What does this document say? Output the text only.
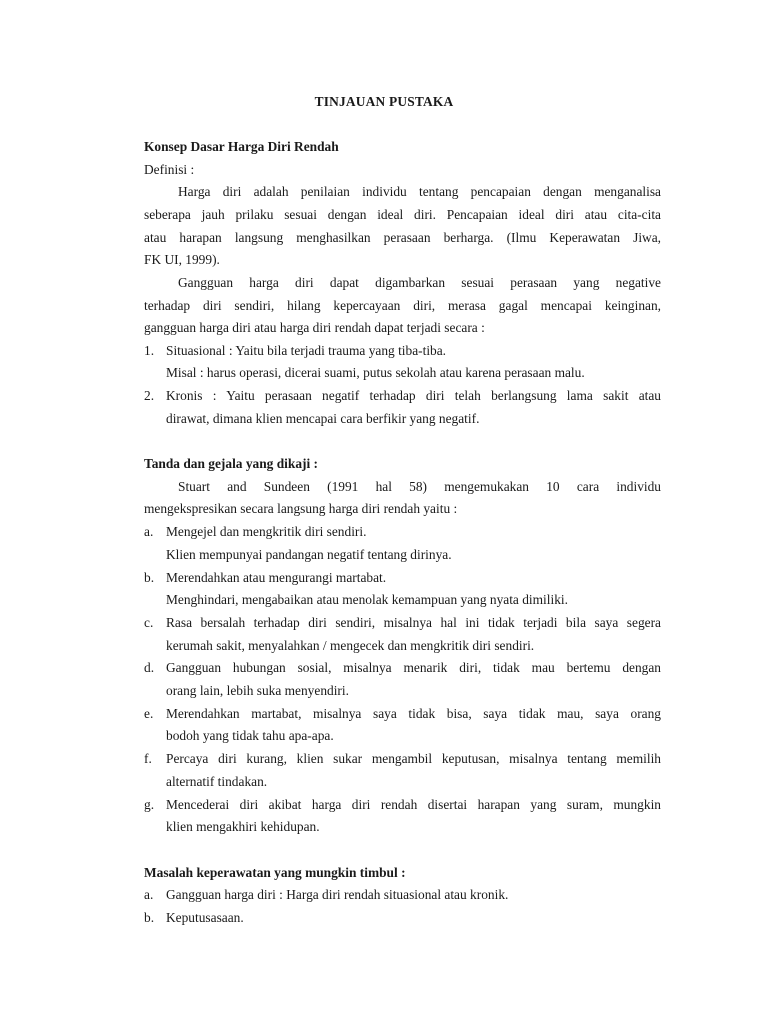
TINJAUAN PUSTAKA
Konsep Dasar Harga Diri Rendah
Definisi :
Harga diri adalah penilaian individu tentang pencapaian dengan menganalisa
seberapa jauh prilaku sesuai dengan ideal diri. Pencapaian ideal diri atau cita-cita
atau harapan langsung menghasilkan perasaan berharga. (Ilmu Keperawatan Jiwa,
FK UI, 1999).
Gangguan harga diri dapat digambarkan sesuai perasaan yang negative
terhadap diri sendiri, hilang kepercayaan diri, merasa gagal mencapai keinginan,
gangguan harga diri atau harga diri rendah dapat terjadi secara :
1. Situasional : Yaitu bila terjadi trauma yang tiba-tiba.
Misal : harus operasi, dicerai suami, putus sekolah atau karena perasaan malu.
2. Kronis : Yaitu perasaan negatif terhadap diri telah berlangsung lama sakit atau
dirawat, dimana klien mencapai cara berfikir yang negatif.
Tanda dan gejala yang dikaji :
Stuart and Sundeen (1991 hal 58) mengemukakan 10 cara individu
mengekspresikan secara langsung harga diri rendah yaitu :
a. Mengejel dan mengkritik diri sendiri.
Klien mempunyai pandangan negatif tentang dirinya.
b. Merendahkan atau mengurangi martabat.
Menghindari, mengabaikan atau menolak kemampuan yang nyata dimiliki.
c. Rasa bersalah terhadap diri sendiri, misalnya hal ini tidak terjadi bila saya segera
kerumah sakit, menyalahkan / mengecek dan mengkritik diri sendiri.
d. Gangguan hubungan sosial, misalnya menarik diri, tidak mau bertemu dengan
orang lain, lebih suka menyendiri.
e. Merendahkan martabat, misalnya saya tidak bisa, saya tidak mau, saya orang
bodoh yang tidak tahu apa-apa.
f. Percaya diri kurang, klien sukar mengambil keputusan, misalnya tentang memilih
alternatif tindakan.
g. Mencederai diri akibat harga diri rendah disertai harapan yang suram, mungkin
klien mengakhiri kehidupan.
Masalah keperawatan yang mungkin timbul :
a. Gangguan harga diri : Harga diri rendah situasional atau kronik.
b. Keputusasaan.
